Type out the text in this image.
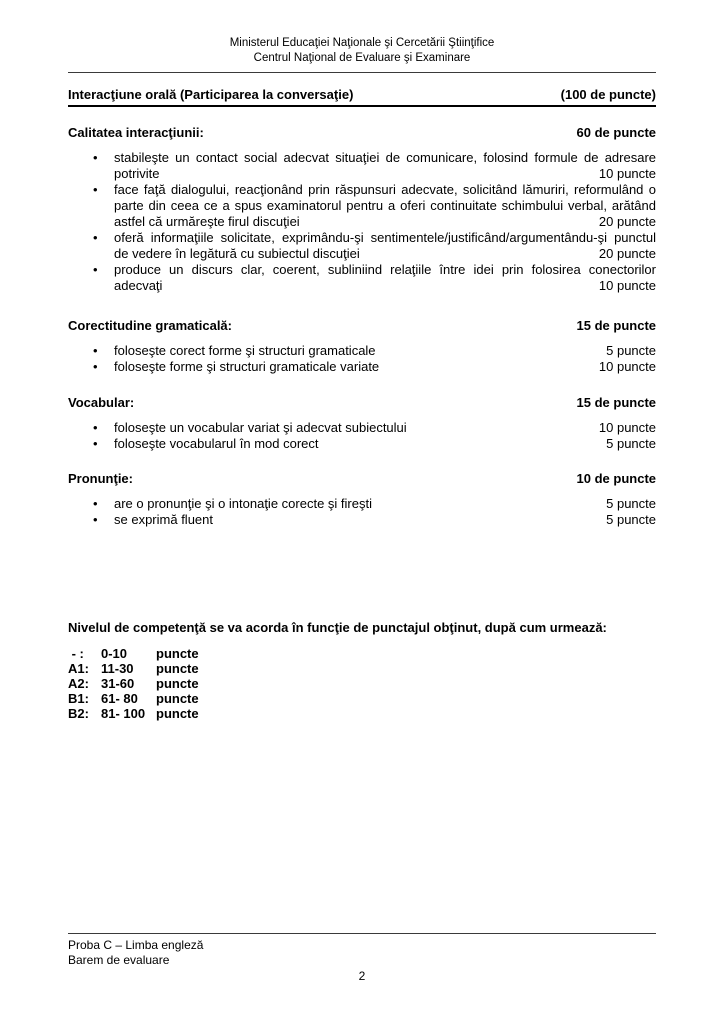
Ministerul Educaţiei Naţionale şi Cercetării Ştiinţifice
Centrul Naţional de Evaluare şi Examinare
Interacţiune orală (Participarea la conversaţie)	(100 de puncte)
Calitatea interacţiunii:	60 de puncte
• stabileşte un contact social adecvat situaţiei de comunicare, folosind formule de adresare potrivite	10 puncte
• face faţă dialogului, reacţionând prin răspunsuri adecvate, solicitând lămuriri, reformulând o parte din ceea ce a spus examinatorul pentru a oferi continuitate schimbului verbal, arătând astfel că urmăreşte firul discuţiei	20 puncte
• oferă informaţiile solicitate, exprimându-şi sentimentele/justificând/argumentându-şi punctul de vedere în legătură cu subiectul discuţiei	20 puncte
• produce un discurs clar, coerent, subliniind relaţiile între idei prin folosirea conectorilor adecvaţi	10 puncte
Corectitudine gramaticală:	15 de puncte
• foloseşte corect forme şi structuri gramaticale	5 puncte
• foloseşte forme şi structuri gramaticale variate	10 puncte
Vocabular:	15 de puncte
• foloseşte un vocabular variat şi adecvat subiectului	10 puncte
• foloseşte vocabularul în mod corect	5 puncte
Pronunţie:	10 de puncte
• are o pronunţie şi o intonaţie corecte şi fireşti	5 puncte
• se exprimă fluent	5 puncte
Nivelul de competenţă se va acorda în funcţie de punctajul obţinut, după cum urmează:
- :	0-10	puncte
A1: 11-30	puncte
A2: 31-60	puncte
B1: 61- 80	puncte
B2: 81- 100 puncte
Proba C – Limba engleză
Barem de evaluare
2
